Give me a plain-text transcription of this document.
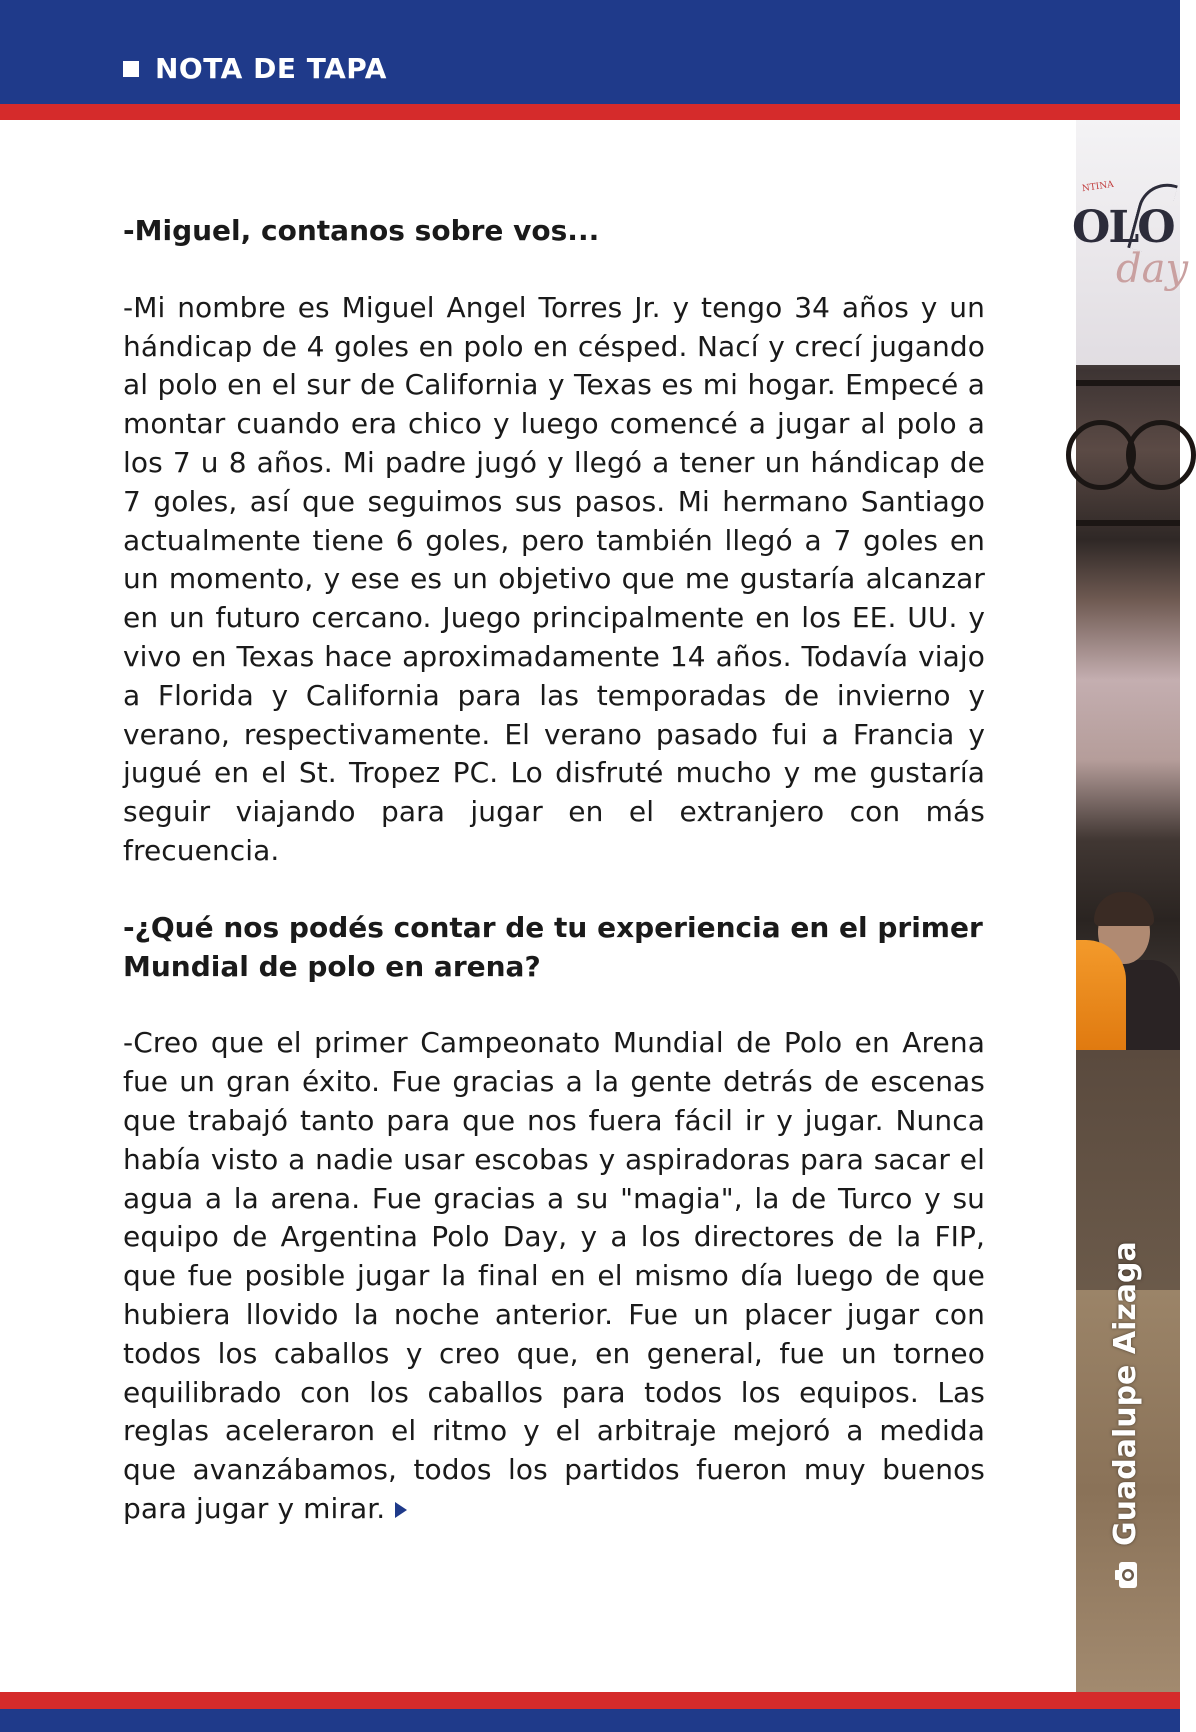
NOTA DE TAPA
NTINA
OLO
day
Guadalupe Aizaga

-Miguel, contanos sobre vos...

-Mi nombre es Miguel Angel Torres Jr. y tengo 34 años y un hándicap de 4 goles en polo en césped. Nací y crecí jugando al polo en el sur de California y Texas es mi hogar. Empecé a montar cuando era chico y luego comencé a jugar al polo a los 7 u 8 años. Mi padre jugó y llegó a tener un hándicap de 7 goles, así que seguimos sus pasos. Mi hermano Santiago actualmente tiene 6 goles, pero también llegó a 7 goles en un momento, y ese es un objetivo que me gustaría alcanzar en un futuro cercano. Juego principalmente en los EE. UU. y vivo en Texas hace aproximadamente 14 años. Todavía viajo a Florida y California para las temporadas de invierno y verano, respectivamente. El verano pasado fui a Francia y jugué en el St. Tropez PC. Lo disfruté mucho y me gustaría seguir viajando para jugar en el extranjero con más frecuencia.

-¿Qué nos podés contar de tu experiencia en el primer Mundial de polo en arena?

-Creo que el primer Campeonato Mundial de Polo en Arena fue un gran éxito. Fue gracias a la gente detrás de escenas que trabajó tanto para que nos fuera fácil ir y jugar. Nunca había visto a nadie usar escobas y aspiradoras para sacar el agua a la arena. Fue gracias a su "magia", la de Turco y su equipo de Argentina Polo Day, y a los directores de la FIP, que fue posible jugar la final en el mismo día luego de que hubiera llovido la noche anterior. Fue un placer jugar con todos los caballos y creo que, en general, fue un torneo equilibrado con los caballos para todos los equipos. Las reglas aceleraron el ritmo y el arbitraje mejoró a medida que avanzábamos, todos los partidos fueron muy buenos para jugar y mirar.
